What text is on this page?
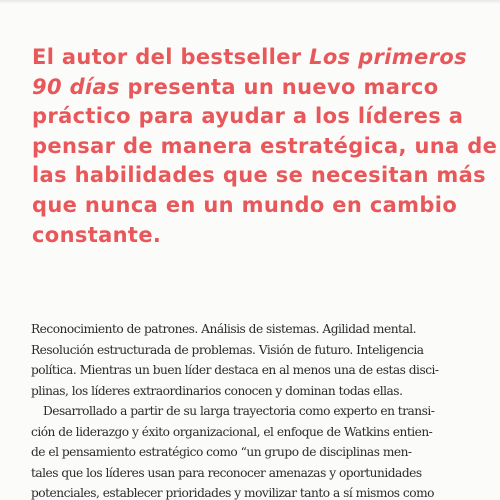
El autor del bestseller Los primeros
90 días presenta un nuevo marco
práctico para ayudar a los líderes a
pensar de manera estratégica, una de
las habilidades que se necesitan más
que nunca en un mundo en cambio
constante.
Reconocimiento de patrones. Análisis de sistemas. Agilidad mental.
Resolución estructurada de problemas. Visión de futuro. Inteligencia
política. Mientras un buen líder destaca en al menos una de estas disci-
plinas, los líderes extraordinarios conocen y dominan todas ellas.
Desarrollado a partir de su larga trayectoria como experto en transi-
ción de liderazgo y éxito organizacional, el enfoque de Watkins entien-
de el pensamiento estratégico como “un grupo de disciplinas men-
tales que los líderes usan para reconocer amenazas y oportunidades
potenciales, establecer prioridades y movilizar tanto a sí mismos como
